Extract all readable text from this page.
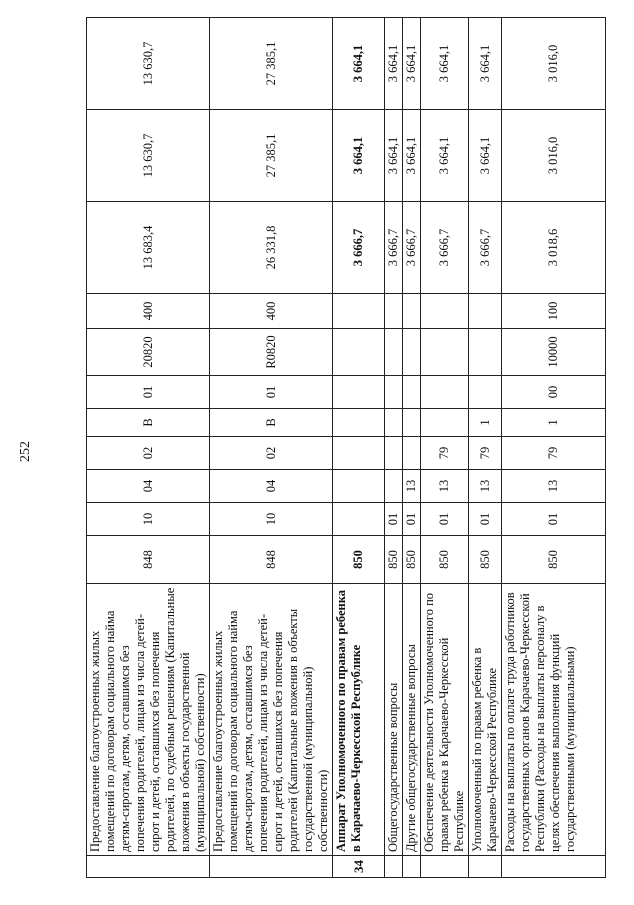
252
	Предоставление благоустроенных жилых помещений по договорам социального найма детям-сиротам, детям, оставшимся без попечения родителей, лицам из числа детей-сирот и детей, оставшихся без попечения родителей, по судебным решениям (Капитальные вложения в объекты государственной (муниципальной) собственности)	848	10	04	02	В	01	20820	400	13 683,4	13 630,7	13 630,7
	Предоставление благоустроенных жилых помещений по договорам социального найма детям-сиротам, детям, оставшимся без попечения родителей, лицам из числа детей-сирот и детей, оставшихся без попечения родителей (Капитальные вложения в объекты государственной (муниципальной) собственности)	848	10	04	02	В	01	R0820	400	26 331,8	27 385,1	27 385,1
34	Аппарат Уполномоченного по правам ребенка в Карачаево-Черкесской Республике	850								3 666,7	3 664,1	3 664,1
	Общегосударственные вопросы	850	01							3 666,7	3 664,1	3 664,1
	Другие общегосударственные вопросы	850	01	13						3 666,7	3 664,1	3 664,1
	Обеспечение деятельности Уполномоченного по правам ребенка в Карачаево-Черкесской Республике	850	01	13	79					3 666,7	3 664,1	3 664,1
	Уполномоченный по правам ребенка в Карачаево-Черкесской Республике	850	01	13	79	1				3 666,7	3 664,1	3 664,1
	Расходы на выплаты по оплате труда работников государственных органов Карачаево-Черкесской Республики (Расходы на выплаты персоналу в целях обеспечения выполнения функций государственными (муниципальными)	850	01	13	79	1	00	10000	100	3 018,6	3 016,0	3 016,0
